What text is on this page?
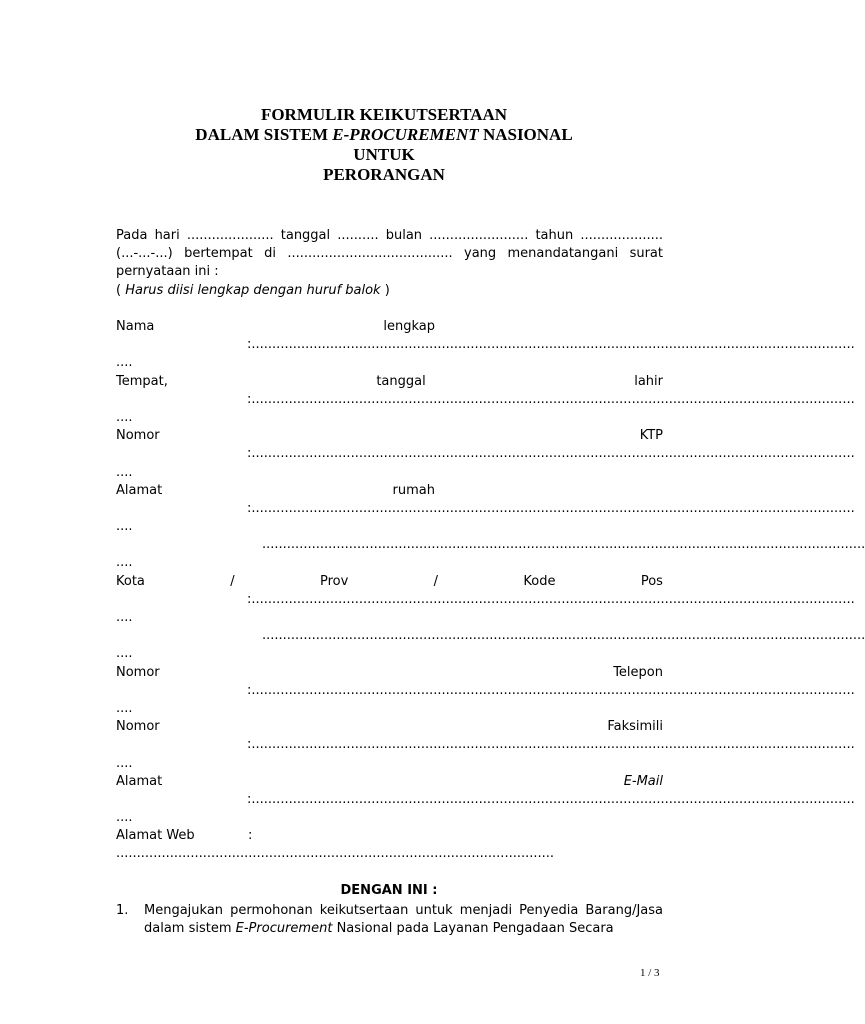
FORMULIR KEIKUTSERTAAN
DALAM SISTEM E-PROCUREMENT NASIONAL
UNTUK
PERORANGAN
Pada hari ..................... tanggal .......... bulan ........................ tahun ....................
(...-...-...) bertempat di ........................................ yang menandatangani surat
pernyataan ini :
( Harus diisi lengkap dengan huruf balok )
Nama	lengkap
: ..................................................................................................................................................
....
Tempat,	tanggal	lahir
: ..................................................................................................................................................
....
Nomor	KTP
: ..................................................................................................................................................
....
Alamat	rumah
: ..................................................................................................................................................
....
..................................................................................................................................................
....
Kota	/	Prov	/	Kode	Pos
: ..................................................................................................................................................
....
..................................................................................................................................................
....
Nomor	Telepon
: ..................................................................................................................................................
....
Nomor	Faksimili
: ..................................................................................................................................................
....
Alamat	E-Mail
: ..................................................................................................................................................
....
Alamat Web	:
..........................................................................................................
DENGAN INI :
1. Mengajukan permohonan keikutsertaan untuk menjadi Penyedia Barang/Jasa dalam sistem E-Procurement Nasional pada Layanan Pengadaan Secara
1 / 3
